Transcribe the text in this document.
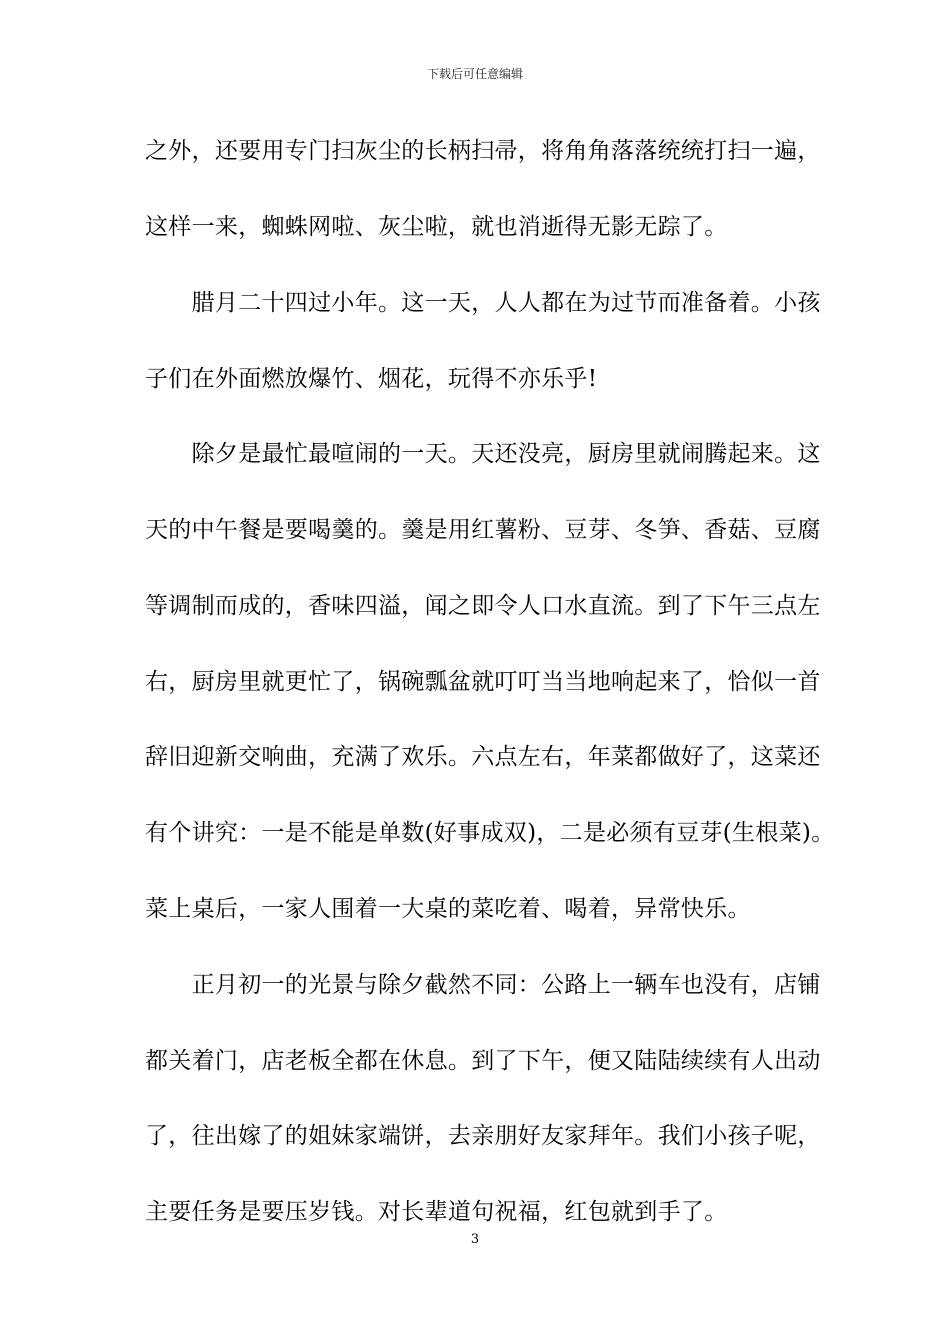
下载后可任意编辑
之外，还要用专门扫灰尘的长柄扫帚，将角角落落统统打扫一遍，
这样一来，蜘蛛网啦、灰尘啦，就也消逝得无影无踪了。
　　腊月二十四过小年。这一天，人人都在为过节而准备着。小孩
子们在外面燃放爆竹、烟花，玩得不亦乐乎!
　　除夕是最忙最喧闹的一天。天还没亮，厨房里就闹腾起来。这
天的中午餐是要喝羹的。羹是用红薯粉、豆芽、冬笋、香菇、豆腐
等调制而成的，香味四溢，闻之即令人口水直流。到了下午三点左
右，厨房里就更忙了，锅碗瓢盆就叮叮当当地响起来了，恰似一首
辞旧迎新交响曲，充满了欢乐。六点左右，年菜都做好了，这菜还
有个讲究：一是不能是单数(好事成双)，二是必须有豆芽(生根菜)。
菜上桌后，一家人围着一大桌的菜吃着、喝着，异常快乐。
　　正月初一的光景与除夕截然不同：公路上一辆车也没有，店铺
都关着门，店老板全都在休息。到了下午，便又陆陆续续有人出动
了，往出嫁了的姐妹家端饼，去亲朋好友家拜年。我们小孩子呢，
主要任务是要压岁钱。对长辈道句祝福，红包就到手了。
3
